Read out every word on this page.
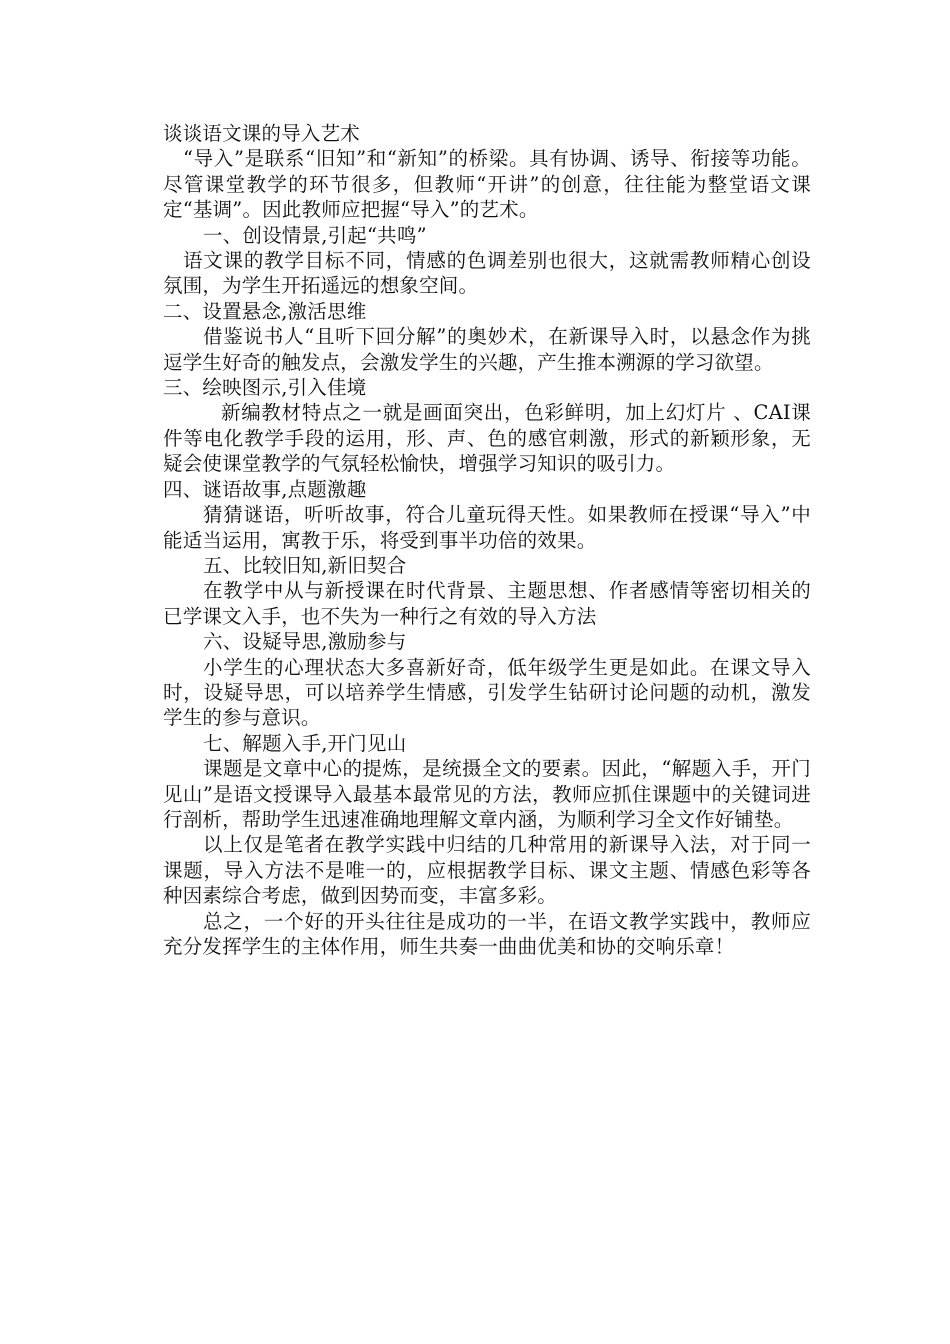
谈谈语文课的导入艺术

“导入”是联系“旧知”和“新知”的桥梁。具有协调、诱导、衔接等功能。尽管课堂教学的环节很多，但教师“开讲”的创意，往往能为整堂语文课定“基调”。因此教师应把握“导入”的艺术。

一、创设情景,引起“共鸣”

语文课的教学目标不同，情感的色调差别也很大，这就需教师精心创设氛围，为学生开拓遥远的想象空间。

二、设置悬念,激活思维

借鉴说书人“且听下回分解”的奥妙术，在新课导入时，以悬念作为挑逗学生好奇的触发点，会激发学生的兴趣，产生推本溯源的学习欲望。

三、绘映图示,引入佳境

新编教材特点之一就是画面突出，色彩鲜明，加上幻灯片 、CAI课件等电化教学手段的运用，形、声、色的感官刺激，形式的新颖形象，无疑会使课堂教学的气氛轻松愉快，增强学习知识的吸引力。

四、谜语故事,点题激趣

猜猜谜语，听听故事，符合儿童玩得天性。如果教师在授课“导入”中能适当运用，寓教于乐，将受到事半功倍的效果。

五、比较旧知,新旧契合

在教学中从与新授课在时代背景、主题思想、作者感情等密切相关的已学课文入手，也不失为一种行之有效的导入方法

六、设疑导思,激励参与

小学生的心理状态大多喜新好奇，低年级学生更是如此。在课文导入时，设疑导思，可以培养学生情感，引发学生钻研讨论问题的动机，激发学生的参与意识。

七、解题入手,开门见山

课题是文章中心的提炼，是统摄全文的要素。因此，“解题入手，开门见山”是语文授课导入最基本最常见的方法，教师应抓住课题中的关键词进行剖析，帮助学生迅速准确地理解文章内涵，为顺利学习全文作好铺垫。

以上仅是笔者在教学实践中归结的几种常用的新课导入法，对于同一课题，导入方法不是唯一的，应根据教学目标、课文主题、情感色彩等各种因素综合考虑，做到因势而变，丰富多彩。

总之，一个好的开头往往是成功的一半，在语文教学实践中，教师应充分发挥学生的主体作用，师生共奏一曲曲优美和协的交响乐章！
